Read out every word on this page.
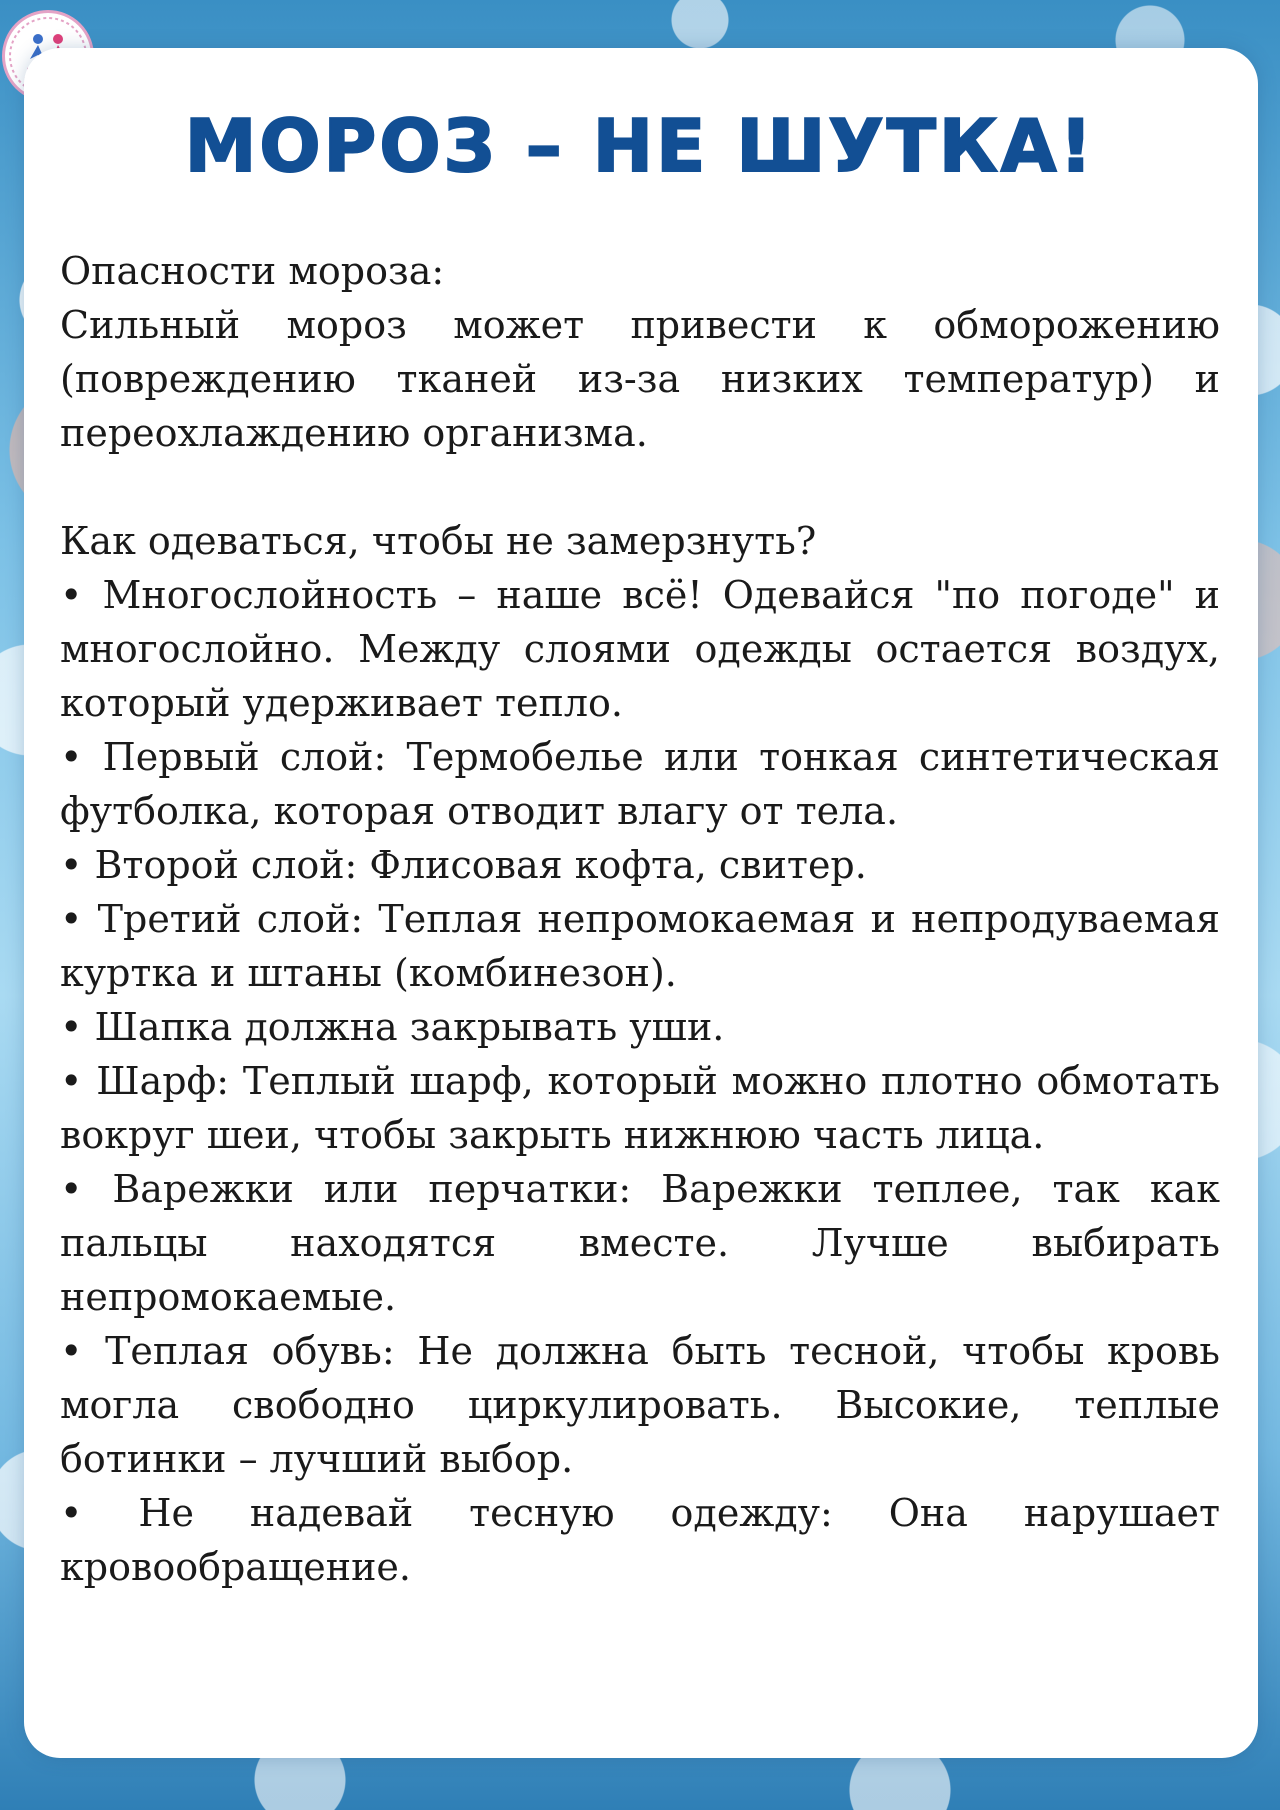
МОРОЗ – НЕ ШУТКА!

Опасности мороза:

Сильный мороз может привести к обморожению (повреждению тканей из-за низких температур) и переохлаждению организма.

Как одеваться, чтобы не замерзнуть?

• Многослойность – наше всё! Одевайся "по погоде" и многослойно. Между слоями одежды остается воздух, который удерживает тепло.

• Первый слой: Термобелье или тонкая синтетическая футболка, которая отводит влагу от тела.

• Второй слой: Флисовая кофта, свитер.

• Третий слой: Теплая непромокаемая и непродуваемая куртка и штаны (комбинезон).

• Шапка должна закрывать уши.

• Шарф: Теплый шарф, который можно плотно обмотать вокруг шеи, чтобы закрыть нижнюю часть лица.

• Варежки или перчатки: Варежки теплее, так как пальцы находятся вместе. Лучше выбирать непромокаемые.

• Теплая обувь: Не должна быть тесной, чтобы кровь могла свободно циркулировать. Высокие, теплые ботинки – лучший выбор.

• Не надевай тесную одежду: Она нарушает кровообращение.
